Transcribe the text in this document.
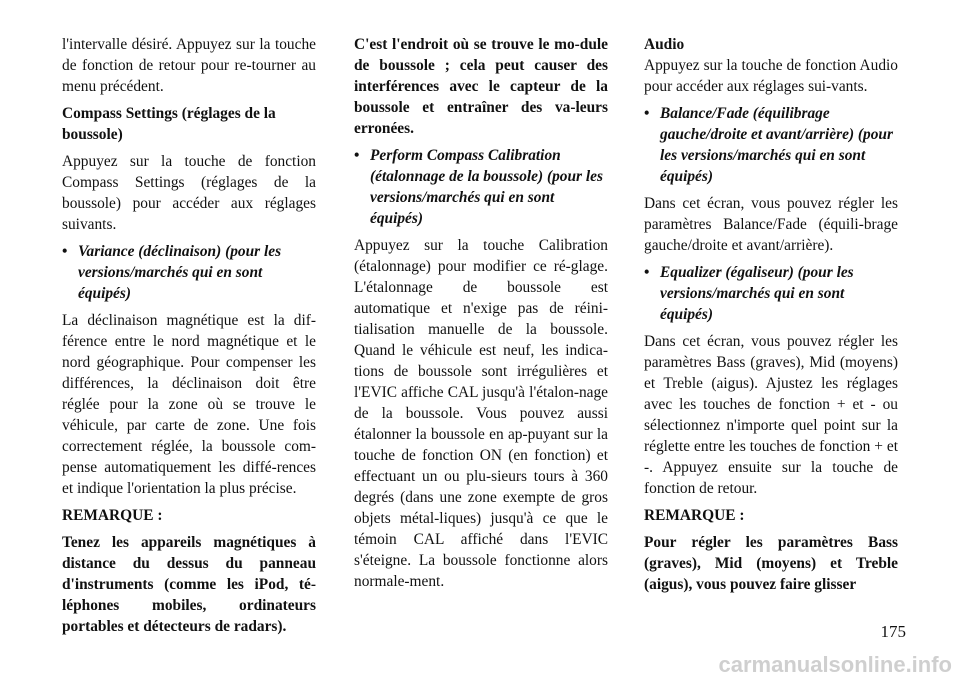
l'intervalle désiré. Appuyez sur la touche de fonction de retour pour re-tourner au menu précédent.

Compass Settings (réglages de la boussole)

Appuyez sur la touche de fonction Compass Settings (réglages de la boussole) pour accéder aux réglages suivants.

• Variance (déclinaison) (pour les versions/marchés qui en sont équipés)

La déclinaison magnétique est la dif-férence entre le nord magnétique et le nord géographique. Pour compenser les différences, la déclinaison doit être réglée pour la zone où se trouve le véhicule, par carte de zone. Une fois correctement réglée, la boussole com-pense automatiquement les diffé-rences et indique l'orientation la plus précise.

REMARQUE :

Tenez les appareils magnétiques à distance du dessus du panneau d'instruments (comme les iPod, té-léphones mobiles, ordinateurs portables et détecteurs de radars).

C'est l'endroit où se trouve le mo-dule de boussole ; cela peut causer des interférences avec le capteur de la boussole et entraîner des va-leurs erronées.

• Perform Compass Calibration (étalonnage de la boussole) (pour les versions/marchés qui en sont équipés)

Appuyez sur la touche Calibration (étalonnage) pour modifier ce ré-glage. L'étalonnage de boussole est automatique et n'exige pas de réini-tialisation manuelle de la boussole. Quand le véhicule est neuf, les indica-tions de boussole sont irrégulières et l'EVIC affiche CAL jusqu'à l'étalon-nage de la boussole. Vous pouvez aussi étalonner la boussole en ap-puyant sur la touche de fonction ON (en fonction) et effectuant un ou plu-sieurs tours à 360 degrés (dans une zone exempte de gros objets métal-liques) jusqu'à ce que le témoin CAL affiché dans l'EVIC s'éteigne. La boussole fonctionne alors normale-ment.

Audio

Appuyez sur la touche de fonction Audio pour accéder aux réglages sui-vants.

• Balance/Fade (équilibrage gauche/droite et avant/arrière) (pour les versions/marchés qui en sont équipés)

Dans cet écran, vous pouvez régler les paramètres Balance/Fade (équili-brage gauche/droite et avant/arrière).

• Equalizer (égaliseur) (pour les versions/marchés qui en sont équipés)

Dans cet écran, vous pouvez régler les paramètres Bass (graves), Mid (moyens) et Treble (aigus). Ajustez les réglages avec les touches de fonction + et - ou sélectionnez n'importe quel point sur la réglette entre les touches de fonction + et -. Appuyez ensuite sur la touche de fonction de retour.

REMARQUE :

Pour régler les paramètres Bass (graves), Mid (moyens) et Treble (aigus), vous pouvez faire glisser

175
carmanualsonline.info
